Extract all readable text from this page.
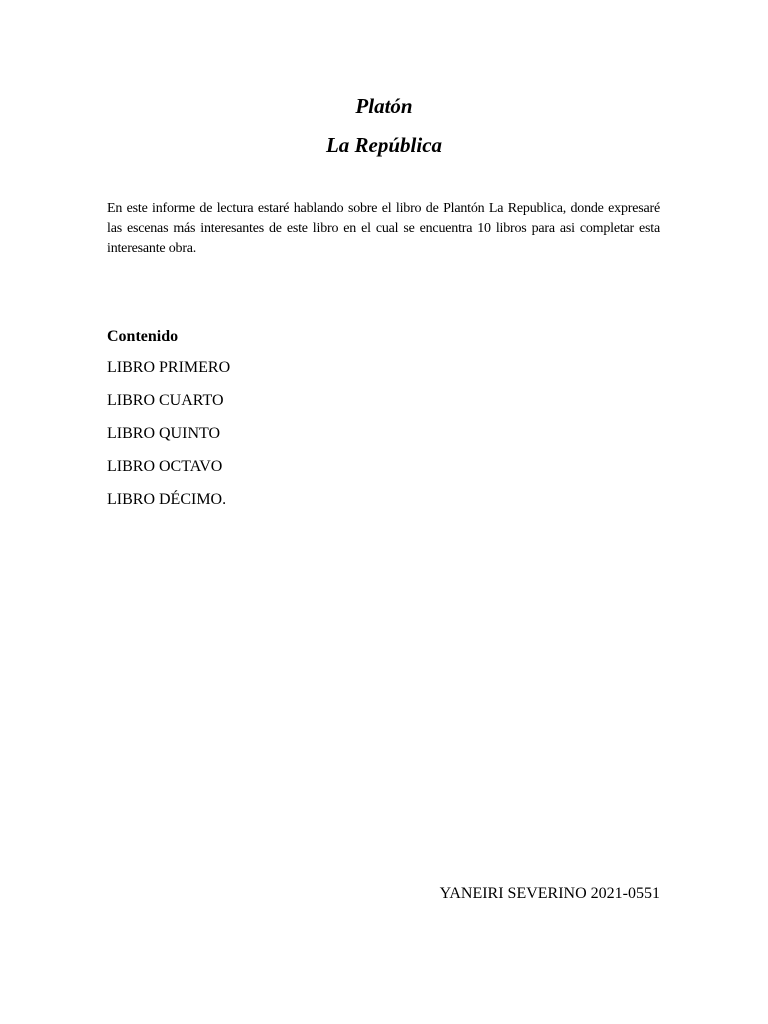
Platón
La República

En este informe de lectura estaré hablando sobre el libro de Plantón La Republica, donde expresaré las escenas más interesantes de este libro en el cual se encuentra 10 libros para asi completar esta interesante obra.

Contenido

LIBRO PRIMERO
LIBRO CUARTO
LIBRO QUINTO
LIBRO OCTAVO
LIBRO DÉCIMO.

YANEIRI SEVERINO 2021-0551
